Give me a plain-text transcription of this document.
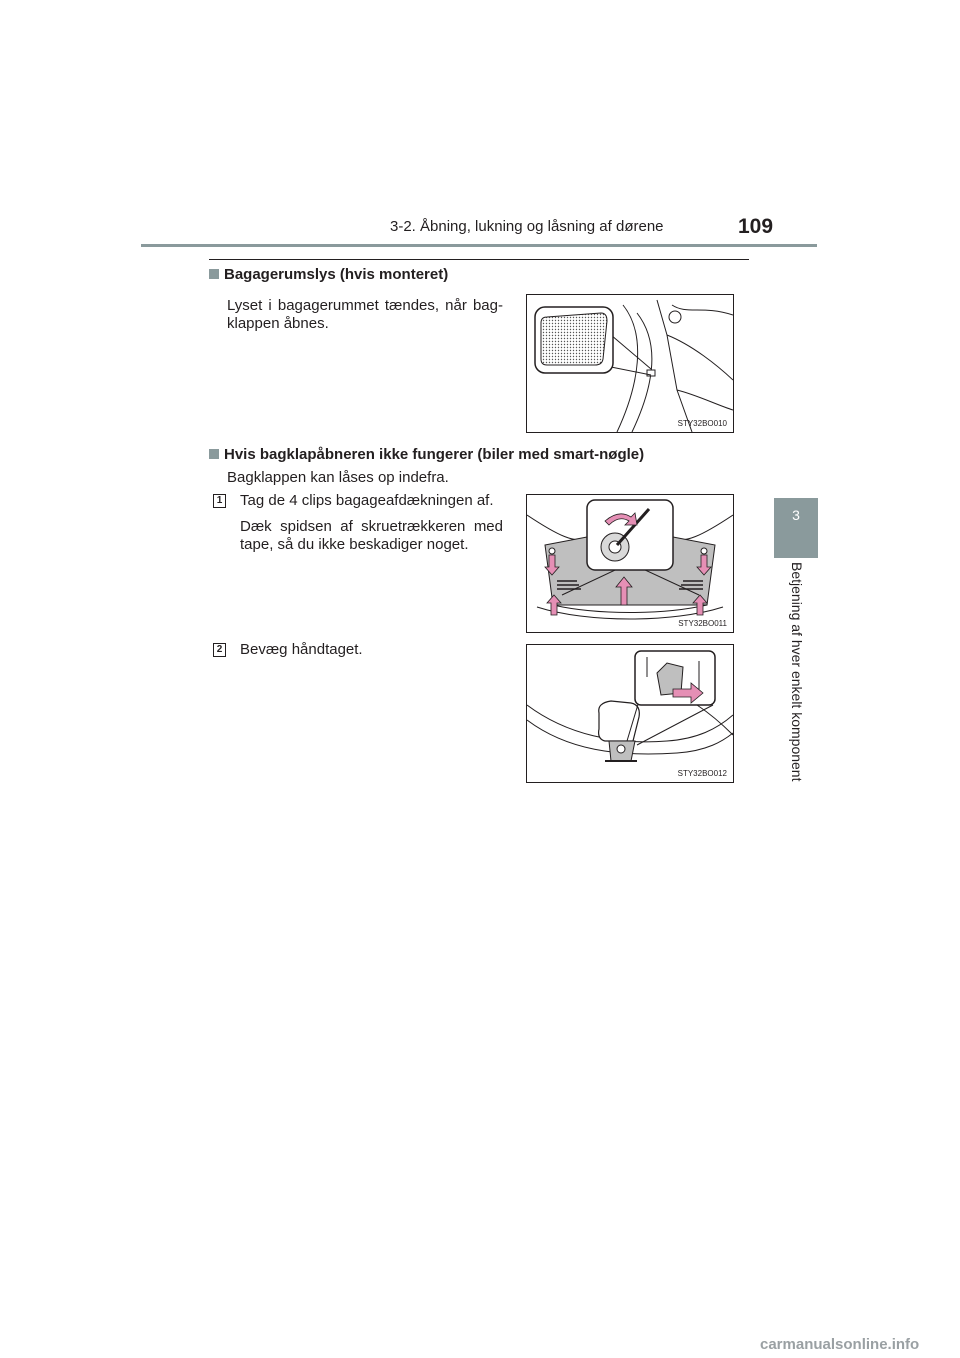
3-2. Åbning, lukning og låsning af dørene	109
3
Betjening af hver enkelt komponent
Bagagerumslys (hvis monteret)
Lyset i bagagerummet tændes, når bag-
klappen åbnes.
STY32BO010
Hvis bagklapåbneren ikke fungerer (biler med smart-nøgle)
Bagklappen kan låses op indefra.
1 Tag de 4 clips bagageafdækningen af.
Dæk spidsen af skruetrækkeren med
tape, så du ikke beskadiger noget.
STY32BO011
2 Bevæg håndtaget.
STY32BO012
carmanualsonline.info
